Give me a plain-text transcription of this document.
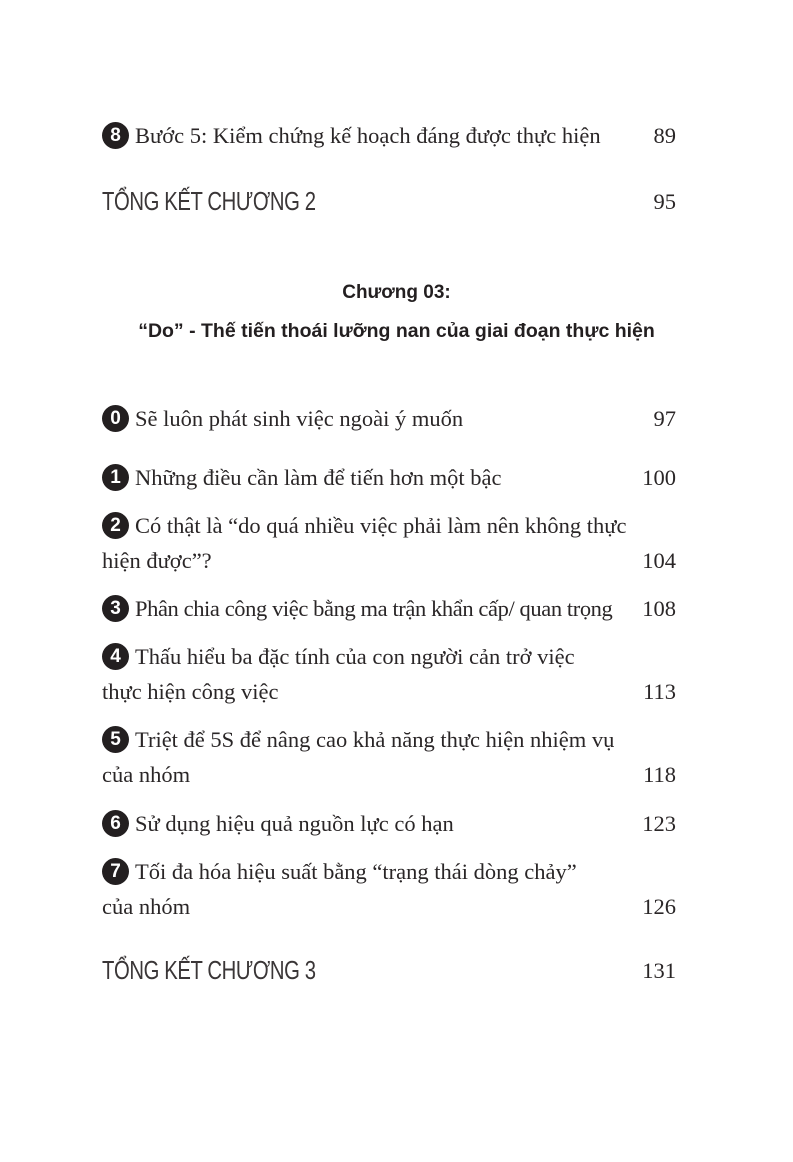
8 Bước 5: Kiểm chứng kế hoạch đáng được thực hiện	89
TỔNG KẾT CHƯƠNG 2	95
Chương 03:
“Do” - Thế tiến thoái lưỡng nan của giai đoạn thực hiện
0 Sẽ luôn phát sinh việc ngoài ý muốn	97
1 Những điều cần làm để tiến hơn một bậc	100
2 Có thật là “do quá nhiều việc phải làm nên không thực
hiện được”?	104
3 Phân chia công việc bằng ma trận khẩn cấp/ quan trọng	108
4 Thấu hiểu ba đặc tính của con người cản trở việc
thực hiện công việc	113
5 Triệt để 5S để nâng cao khả năng thực hiện nhiệm vụ
của nhóm	118
6 Sử dụng hiệu quả nguồn lực có hạn	123
7 Tối đa hóa hiệu suất bằng “trạng thái dòng chảy”
của nhóm	126
TỔNG KẾT CHƯƠNG 3	131
